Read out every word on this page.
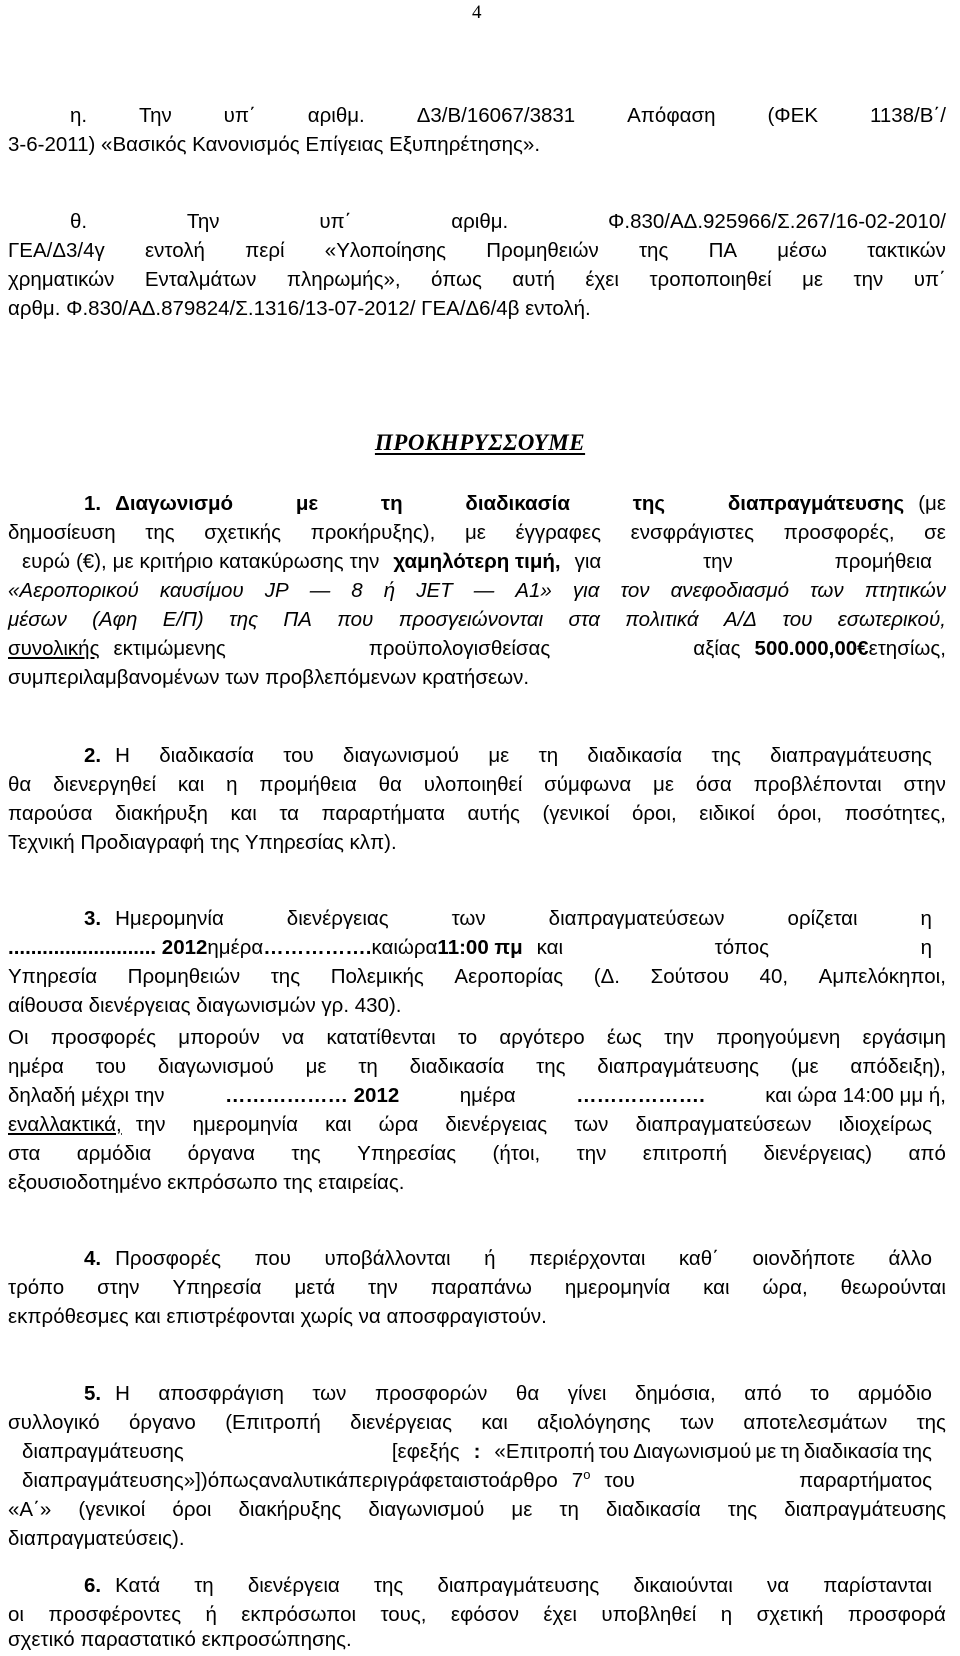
4
η.	Την	υπ΄	αριθμ.	Δ3/Β/16067/3831	Απόφαση	(ΦΕΚ	1138/Β΄/
3-6-2011) «Βασικός Κανονισμός Επίγειας Εξυπηρέτησης».
θ.	Την	υπ΄	αριθμ.	Φ.830/ΑΔ.925966/Σ.267/16-02-2010/
ΓΕΑ/Δ3/4γ εντολή περί «Υλοποίησης Προμηθειών της ΠΑ μέσω τακτικών
χρηματικών Ενταλμάτων πληρωμής», όπως αυτή έχει τροποποιηθεί με την υπ΄
αρθμ. Φ.830/ΑΔ.879824/Σ.1316/13-07-2012/ ΓΕΑ/Δ6/4β εντολή.
ΠΡΟΚΗΡΥΣΣΟΥΜΕ
1. Διαγωνισμό	με	τη	διαδικασία	της	διαπραγμάτευσης (με
δημοσίευση της σχετικής προκήρυξης), με έγγραφες ενσφράγιστες προσφορές, σε
ευρώ (€), με κριτήριο κατακύρωσης την χαμηλότερη τιμή, για	την	προμήθεια
«Αεροπορικού καυσίμου JP — 8 ή JET — A1» για τον ανεφοδιασμό των πτητικών
μέσων (Αφη Ε/Π) της ΠΑ που προσγειώνονται στα πολιτικά Α/Δ του εσωτερικού,
συνολικής εκτιμώμενης	προϋπολογισθείσας	αξίας 500.000,00 € ετησίως,
συμπεριλαμβανομένων των προβλεπόμενων κρατήσεων.
2. Η διαδικασία του διαγωνισμού με τη διαδικασία της διαπραγμάτευσης
θα διενεργηθεί και η προμήθεια θα υλοποιηθεί σύμφωνα με όσα προβλέπονται στην
παρούσα διακήρυξη και τα παραρτήματα αυτής (γενικοί όροι, ειδικοί όροι, ποσότητες,
Τεχνική Προδιαγραφή της Υπηρεσίας κλπ).
3. Ημερομηνία	διενέργειας	των	διαπραγματεύσεων	ορίζεται	η
.......................... 2012 ημέρα ……………. και ώρα 11:00 πμ και	τόπος	η
Υπηρεσία Προμηθειών της Πολεμικής Αεροπορίας (Δ. Σούτσου 40, Αμπελόκηποι,
αίθουσα διενέργειας διαγωνισμών γρ. 430).
Οι προσφορές μπορούν να κατατίθενται το αργότερο έως την προηγούμενη εργάσιμη
ημέρα του διαγωνισμού με τη διαδικασία της διαπραγμάτευσης (με απόδειξη),
δηλαδή μέχρι την	……………… 2012	ημέρα	……………….	και ώρα 14:00 μμ ή,
εναλλακτικά, την ημερομηνία και ώρα διενέργειας των διαπραγματεύσεων ιδιοχείρως
στα αρμόδια όργανα της Υπηρεσίας (ήτοι, την επιτροπή διενέργειας) από
εξουσιοδοτημένο εκπρόσωπο της εταιρείας.
4. Προσφορές που υποβάλλονται ή περιέρχονται καθ΄ οιονδήποτε άλλο
τρόπο στην Υπηρεσία μετά την παραπάνω ημερομηνία και ώρα, θεωρούνται
εκπρόθεσμες και επιστρέφονται χωρίς να αποσφραγιστούν.
5. Η αποσφράγιση των προσφορών θα γίνει δημόσια, από το αρμόδιο
συλλογικό όργανο (Επιτροπή διενέργειας και αξιολόγησης των αποτελεσμάτων της
διαπραγμάτευσης	[εφεξής : «Επιτροπή του Διαγωνισμού με τη διαδικασία της
διαπραγμάτευσης»]) όπως αναλυτικά περιγράφεται στο άρθρο $7^o$ του	παραρτήματος
«Α΄» (γενικοί όροι διακήρυξης διαγωνισμού με τη διαδικασία της διαπραγμάτευσης
διαπραγματεύσεις).
6. Κατά τη διενέργεια της διαπραγμάτευσης δικαιούνται να παρίστανται
οι προσφέροντες ή εκπρόσωποι τους, εφόσον έχει υποβληθεί η σχετική προσφορά
σχετικό παραστατικό εκπροσώπησης.
